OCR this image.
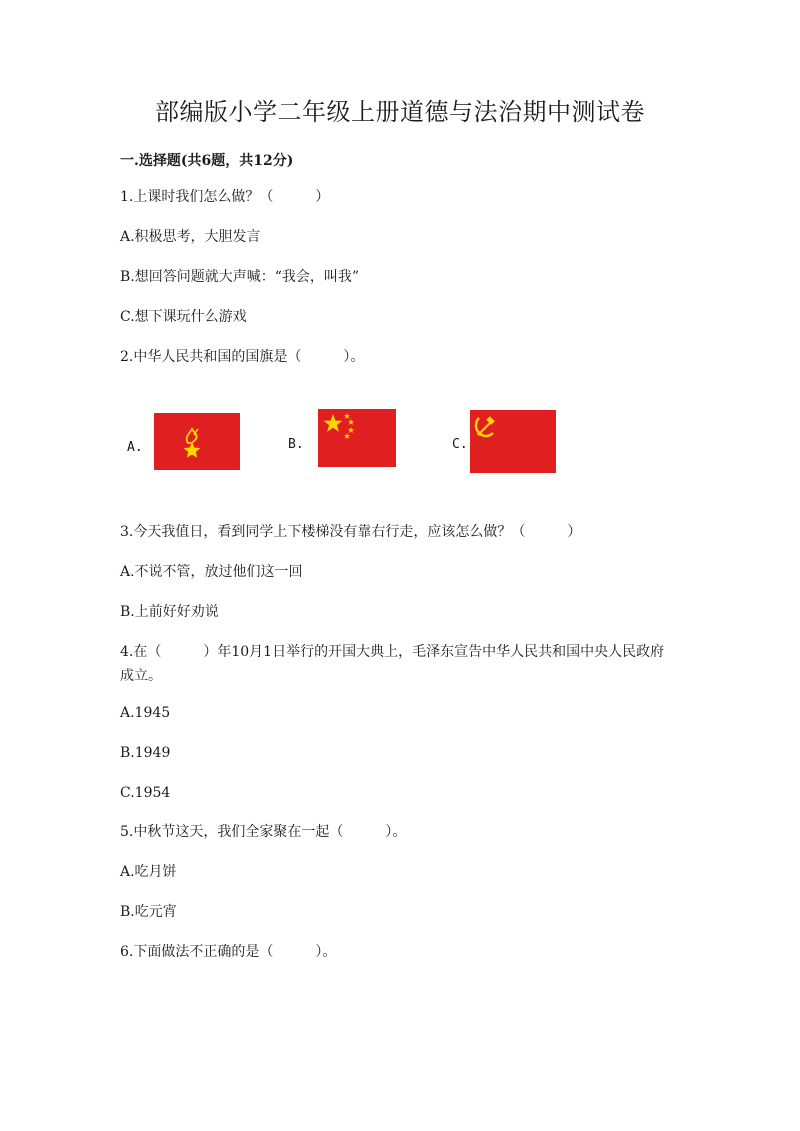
部编版小学二年级上册道德与法治期中测试卷
一.选择题(共6题，共12分)
1.上课时我们怎么做？（　　　）
A.积极思考，大胆发言
B.想回答问题就大声喊：“我会，叫我”
C.想下课玩什么游戏
2.中华人民共和国的国旗是（　　　）。
A.	B.	C.
3.今天我值日，看到同学上下楼梯没有靠右行走，应该怎么做？（　　　）
A.不说不管，放过他们这一回
B.上前好好劝说
4.在（　　　）年10月1日举行的开国大典上，毛泽东宣告中华人民共和国中央人民政府成立。
A.1945
B.1949
C.1954
5.中秋节这天，我们全家聚在一起（　　　）。
A.吃月饼
B.吃元宵
6.下面做法不正确的是（　　　）。
